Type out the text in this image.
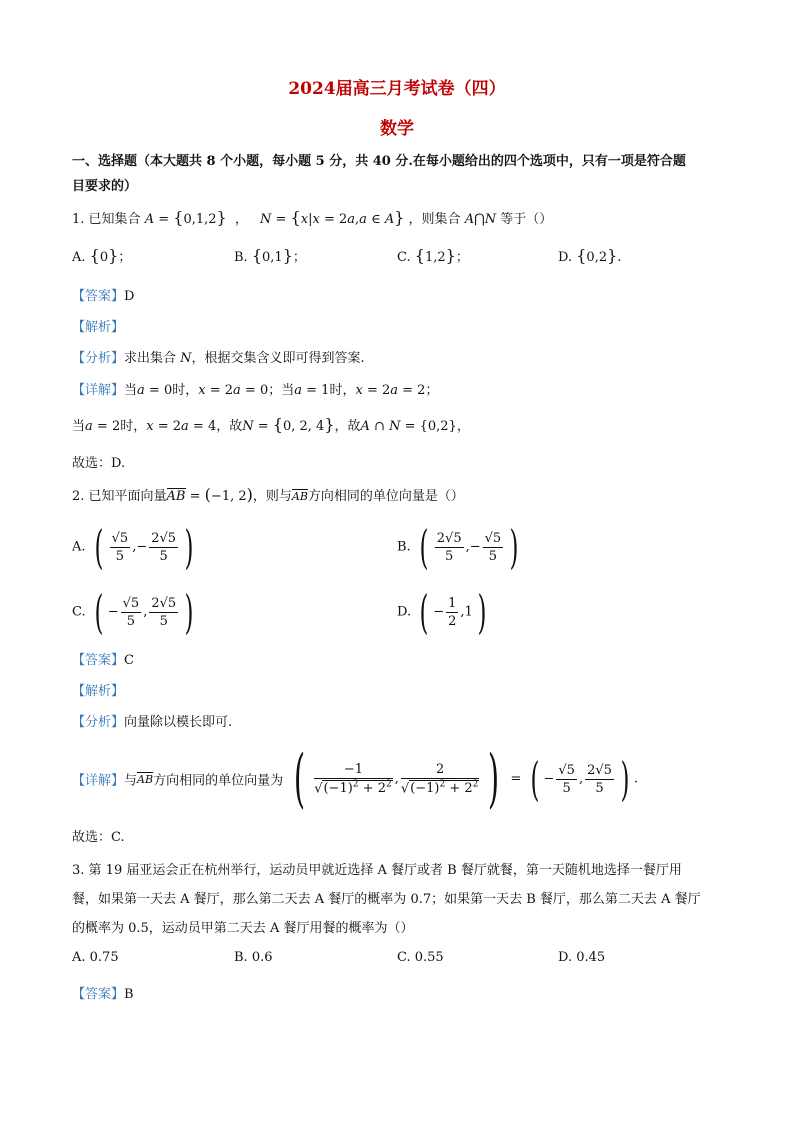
2024届高三月考试卷（四）
数学
一、选择题（本大题共 8 个小题，每小题 5 分，共 40 分.在每小题给出的四个选项中，只有一项是符合题
目要求的）
1. 已知集合 A = {0,1,2} ， N = {x|x = 2a,a ∈ A} ，则集合 A⋂N 等于（）
A. {0}；	B. {0,1}；	C. {1,2}；	D. {0,2}.
【答案】D
【解析】
【分析】求出集合 N，根据交集含义即可得到答案.
【详解】当a = 0时，x = 2a = 0；当a = 1时，x = 2a = 2；
当a = 2时，x = 2a = 4，故N = {0, 2, 4}，故A ∩ N = {0,2}，
故选：D.
2. 已知平面向量AB = (−1, 2)，则与AB方向相同的单位向量是（）
A. ( $\frac{√5}{5}$ ,− $\frac{2√5}{5}$ )	B. ( $\frac{2√5}{5}$ ,− $\frac{√5}{5}$ )
C. ( − $\frac{√5}{5}$ , $\frac{2√5}{5}$ )	D. ( − $\frac{1}{2} ,1$)
【答案】C
【解析】
【分析】向量除以模长即可.
【详解】与AB方向相同的单位向量为 ( $\frac{-1}{√(-1)^2 + 2^2}$ , $\frac{2}{√(-1)^2 + 2^2}$ ) = ( − $\frac{√5}{5}$ , $\frac{2√5}{5}$ ) .
故选：C.
3. 第 19 届亚运会正在杭州举行，运动员甲就近选择 A 餐厅或者 B 餐厅就餐，第一天随机地选择一餐厅用
餐，如果第一天去 A 餐厅，那么第二天去 A 餐厅的概率为 0.7；如果第一天去 B 餐厅，那么第二天去 A 餐厅
的概率为 0.5，运动员甲第二天去 A 餐厅用餐的概率为（）
A. 0.75	B. 0.6	C. 0.55	D. 0.45
【答案】B
